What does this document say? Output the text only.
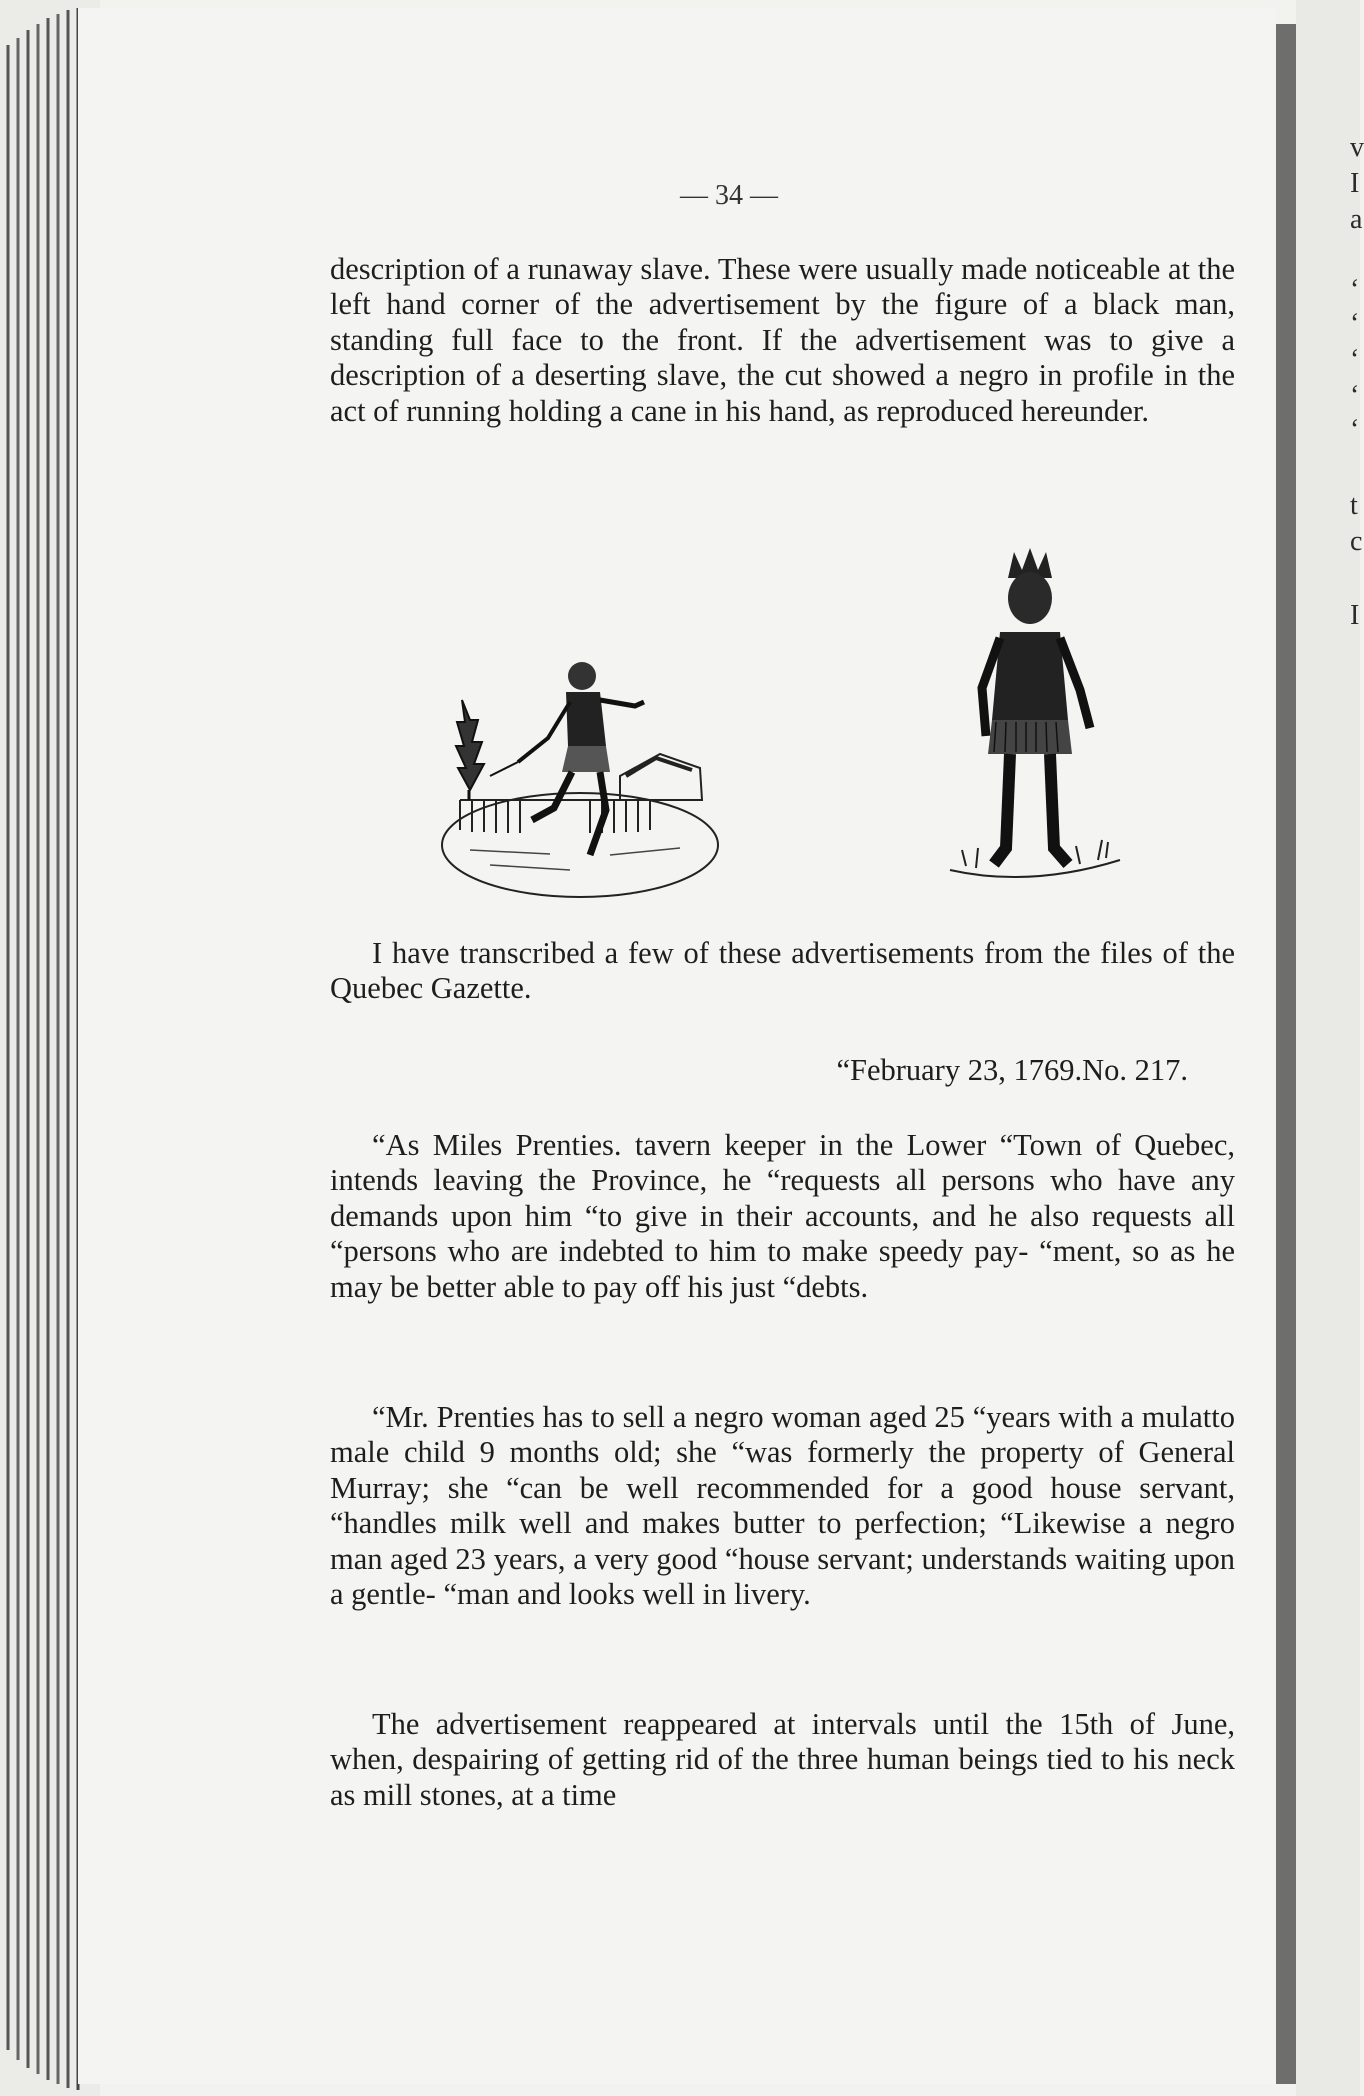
v
I
a
‘
‘
‘
‘
‘
t
c
I
— 34 —

description of a runaway slave. These were usually made noticeable at the left hand corner of the advertisement by the figure of a black man, standing full face to the front. If the advertisement was to give a description of a deserting slave, the cut showed a negro in profile in the act of running holding a cane in his hand, as reproduced hereunder.

I have transcribed a few of these advertisements from the files of the Quebec Gazette.

“February 23, 1769.No. 217.

“As Miles Prenties. tavern keeper in the Lower “Town of Quebec, intends leaving the Province, he “requests all persons who have any demands upon him “to give in their accounts, and he also requests all “persons who are indebted to him to make speedy pay- “ment, so as he may be better able to pay off his just “debts.

“Mr. Prenties has to sell a negro woman aged 25 “years with a mulatto male child 9 months old; she “was formerly the property of General Murray; she “can be well recommended for a good house servant, “handles milk well and makes butter to perfection; “Likewise a negro man aged 23 years, a very good “house servant; understands waiting upon a gentle- “man and looks well in livery.

The advertisement reappeared at intervals until the 15th of June, when, despairing of getting rid of the three human beings tied to his neck as mill stones, at a time
